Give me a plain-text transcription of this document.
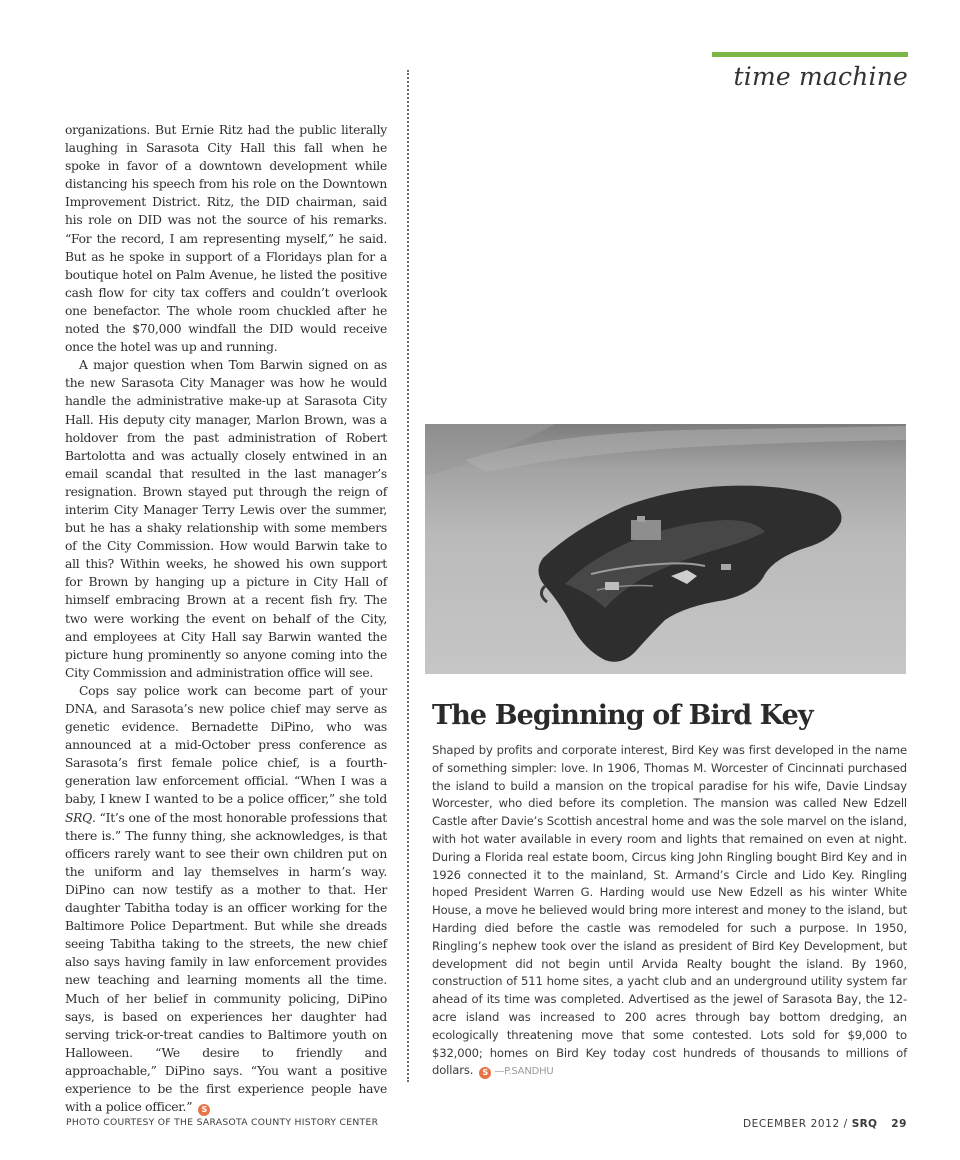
time machine

organizations. But Ernie Ritz had the public literally laughing in Sarasota City Hall this fall when he spoke in favor of a downtown development while distancing his speech from his role on the Downtown Improvement District. Ritz, the DID chairman, said his role on DID was not the source of his remarks. “For the record, I am representing myself,” he said. But as he spoke in support of a Floridays plan for a boutique hotel on Palm Avenue, he listed the positive cash flow for city tax coffers and couldn’t overlook one benefactor. The whole room chuckled after he noted the $70,000 windfall the DID would receive once the hotel was up and running.

A major question when Tom Barwin signed on as the new Sarasota City Manager was how he would handle the administrative make-up at Sarasota City Hall. His deputy city manager, Marlon Brown, was a holdover from the past administration of Robert Bartolotta and was actually closely entwined in an email scandal that resulted in the last manager’s resignation. Brown stayed put through the reign of interim City Manager Terry Lewis over the summer, but he has a shaky relationship with some members of the City Commission. How would Barwin take to all this? Within weeks, he showed his own support for Brown by hanging up a picture in City Hall of himself embracing Brown at a recent fish fry. The two were working the event on behalf of the City, and employees at City Hall say Barwin wanted the picture hung prominently so anyone coming into the City Commission and administration office will see.

Cops say police work can become part of your DNA, and Sarasota’s new police chief may serve as genetic evidence. Bernadette DiPino, who was announced at a mid-October press conference as Sarasota’s first female police chief, is a fourth-generation law enforcement official. “When I was a baby, I knew I wanted to be a police officer,” she told SRQ. “It’s one of the most honorable professions that there is.” The funny thing, she acknowledges, is that officers rarely want to see their own children put on the uniform and lay themselves in harm’s way. DiPino can now testify as a mother to that. Her daughter Tabitha today is an officer working for the Baltimore Police Department. But while she dreads seeing Tabitha taking to the streets, the new chief also says having family in law enforcement provides new teaching and learning moments all the time. Much of her belief in community policing, DiPino says, is based on experiences her daughter had serving trick-or-treat candies to Baltimore youth on Halloween. “We desire to friendly and approachable,” DiPino says. “You want a positive experience to be the first experience people have with a police officer.” S

The Beginning of Bird Key

Shaped by profits and corporate interest, Bird Key was first developed in the name of something simpler: love. In 1906, Thomas M. Worcester of Cincinnati purchased the island to build a mansion on the tropical paradise for his wife, Davie Lindsay Worcester, who died before its completion. The mansion was called New Edzell Castle after Davie’s Scottish ancestral home and was the sole marvel on the island, with hot water available in every room and lights that remained on even at night. During a Florida real estate boom, Circus king John Ringling bought Bird Key and in 1926 connected it to the mainland, St. Armand’s Circle and Lido Key. Ringling hoped President Warren G. Harding would use New Edzell as his winter White House, a move he believed would bring more interest and money to the island, but Harding died before the castle was remodeled for such a purpose. In 1950, Ringling’s nephew took over the island as president of Bird Key Development, but development did not begin until Arvida Realty bought the island. By 1960, construction of 511 home sites, a yacht club and an underground utility system far ahead of its time was completed. Advertised as the jewel of Sarasota Bay, the 12-acre island was increased to 200 acres through bay bottom dredging, an ecologically threatening move that some contested. Lots sold for $9,000 to $32,000; homes on Bird Key today cost hundreds of thousands to millions of dollars. S —P.SANDHU

PHOTO COURTESY OF THE SARASOTA COUNTY HISTORY CENTER	DECEMBER 2012 / SRQ 29
